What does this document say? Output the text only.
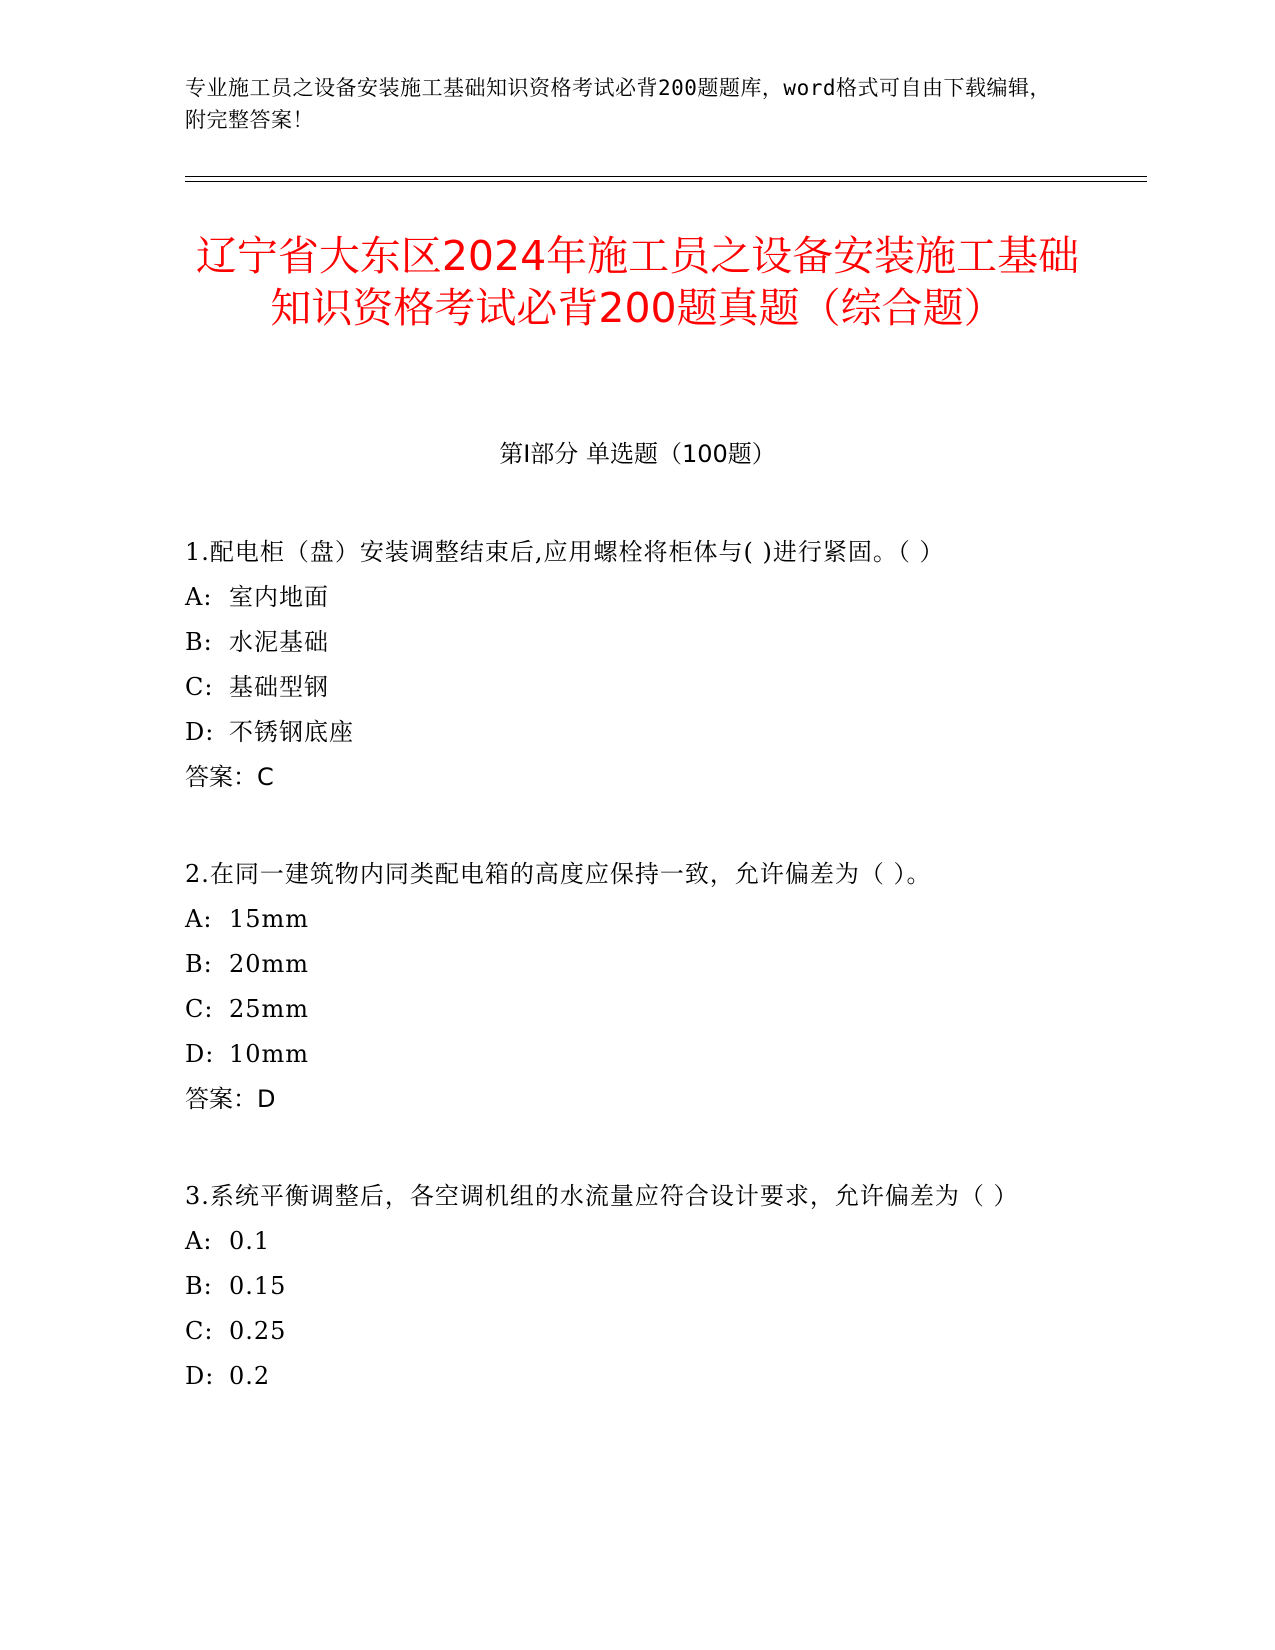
专业施工员之设备安装施工基础知识资格考试必背200题题库，word格式可自由下载编辑，附完整答案！
辽宁省大东区2024年施工员之设备安装施工基础知识资格考试必背200题真题（综合题）
第Ⅰ部分 单选题（100题）
1.配电柜（盘）安装调整结束后,应用螺栓将柜体与( )进行紧固。（ ）
A: 室内地面
B: 水泥基础
C: 基础型钢
D: 不锈钢底座
答案：C
2.在同一建筑物内同类配电箱的高度应保持一致，允许偏差为（ ）。
A: 15mm
B: 20mm
C: 25mm
D: 10mm
答案：D
3.系统平衡调整后，各空调机组的水流量应符合设计要求，允许偏差为（ ）
A: 0.1
B: 0.15
C: 0.25
D: 0.2
